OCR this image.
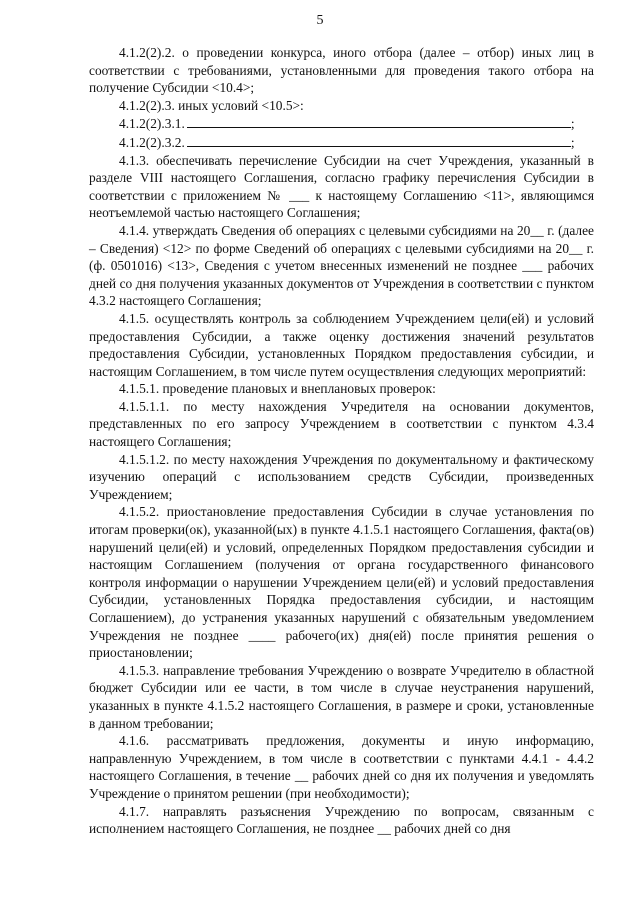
5

4.1.2(2).2. о проведении конкурса, иного отбора (далее – отбор) иных лиц в соответствии с требованиями, установленными для проведения такого отбора на получение Субсидии <10.4>;

4.1.2(2).3. иных условий <10.5>:

4.1.2(2).3.1.	;

4.1.2(2).3.2.	;

4.1.3. обеспечивать перечисление Субсидии на счет Учреждения, указанный в разделе VIII настоящего Соглашения, согласно графику перечисления Субсидии в соответствии с приложением № ___ к настоящему Соглашению <11>, являющимся неотъемлемой частью настоящего Соглашения;

4.1.4. утверждать Сведения об операциях с целевыми субсидиями на 20__ г. (далее – Сведения) <12> по форме Сведений об операциях с целевыми субсидиями на 20__ г. (ф. 0501016) <13>, Сведения с учетом внесенных изменений не позднее ___ рабочих дней со дня получения указанных документов от Учреждения в соответствии с пунктом 4.3.2 настоящего Соглашения;

4.1.5. осуществлять контроль за соблюдением Учреждением цели(ей) и условий предоставления Субсидии, а также оценку достижения значений результатов предоставления Субсидии, установленных Порядком предоставления субсидии, и настоящим Соглашением, в том числе путем осуществления следующих мероприятий:

4.1.5.1. проведение плановых и внеплановых проверок:

4.1.5.1.1. по месту нахождения Учредителя на основании документов, представленных по его запросу Учреждением в соответствии с пунктом 4.3.4 настоящего Соглашения;

4.1.5.1.2. по месту нахождения Учреждения по документальному и фактическому изучению операций с использованием средств Субсидии, произведенных Учреждением;

4.1.5.2. приостановление предоставления Субсидии в случае установления по итогам проверки(ок), указанной(ых) в пункте 4.1.5.1 настоящего Соглашения, факта(ов) нарушений цели(ей) и условий, определенных Порядком предоставления субсидии и настоящим Соглашением (получения от органа государственного финансового контроля информации о нарушении Учреждением цели(ей) и условий предоставления Субсидии, установленных Порядка предоставления субсидии, и настоящим Соглашением), до устранения указанных нарушений с обязательным уведомлением Учреждения не позднее ____ рабочего(их) дня(ей) после принятия решения о приостановлении;

4.1.5.3. направление требования Учреждению о возврате Учредителю в областной бюджет Субсидии или ее части, в том числе в случае неустранения нарушений, указанных в пункте 4.1.5.2 настоящего Соглашения, в размере и сроки, установленные в данном требовании;

4.1.6. рассматривать предложения, документы и иную информацию, направленную Учреждением, в том числе в соответствии с пунктами 4.4.1 - 4.4.2 настоящего Соглашения, в течение __ рабочих дней со дня их получения и уведомлять Учреждение о принятом решении (при необходимости);

4.1.7. направлять разъяснения Учреждению по вопросам, связанным с исполнением настоящего Соглашения, не позднее __ рабочих дней со дня
